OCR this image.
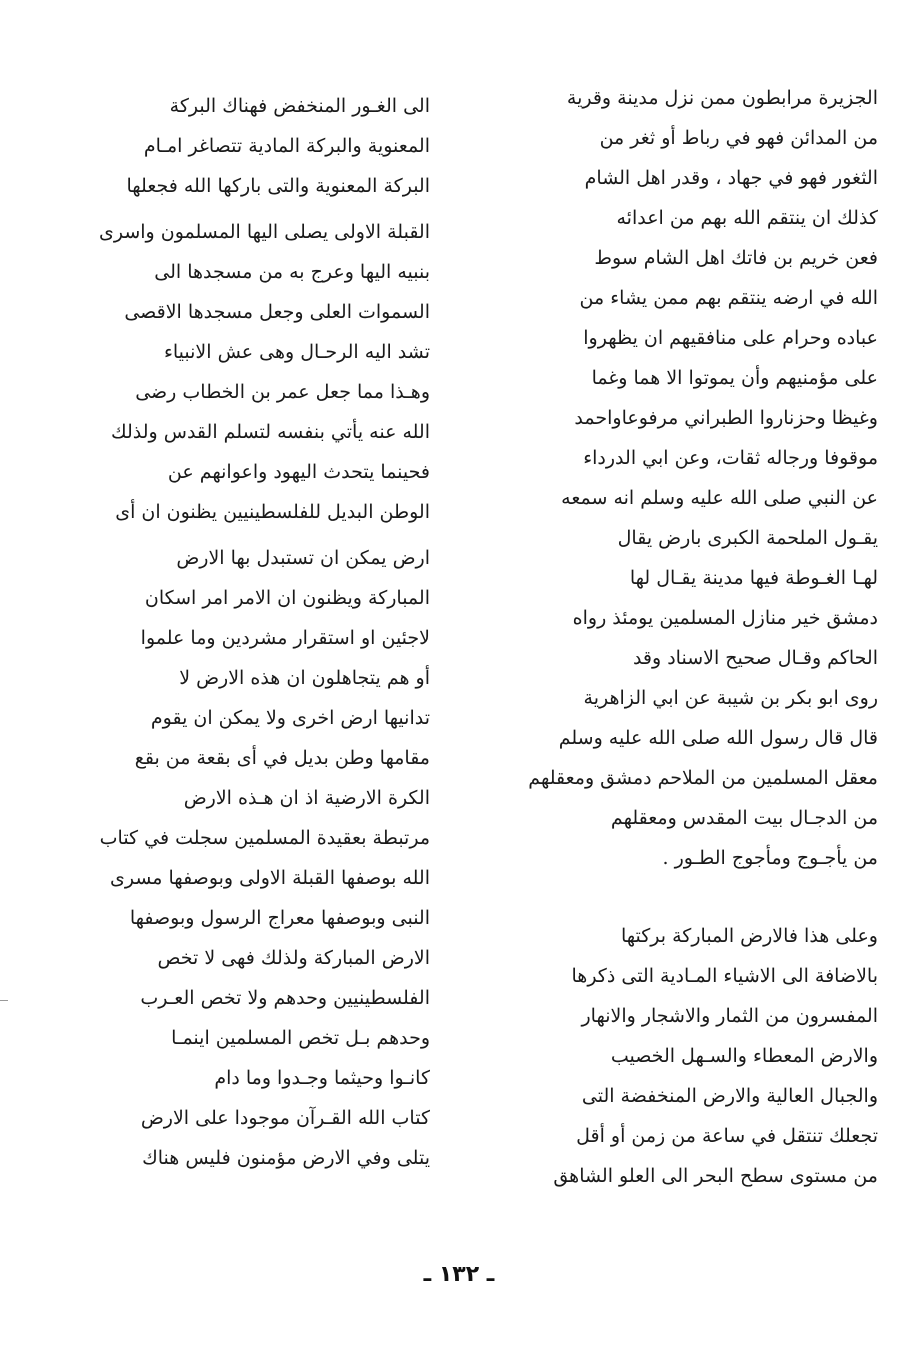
الجزيرة مرابطون ممن نزل مدينة وقرية
من المدائن فهو في رباط أو ثغر من
الثغور فهو في جهاد ، وقدر اهل الشام
كذلك ان ينتقم الله بهم من اعدائه
فعن خريم بن فاتك اهل الشام سوط
الله في ارضه ينتقم بهم ممن يشاء من
عباده وحرام على منافقيهم ان يظهروا
على مؤمنيهم وأن يموتوا الا هما وغما
وغيظا وحزناروا الطبراني مرفوعاواحمد
موقوفا ورجاله ثقات، وعن ابي الدرداء
عن النبي صلى الله عليه وسلم انه سمعه
يقـول الملحمة الكبرى بارض يقال
لهـا الغـوطة فيها مدينة يقـال لها
دمشق خير منازل المسلمين يومئذ رواه
الحاكم وقـال صحيح الاسناد وقد
روى ابو بكر بن شيبة عن ابي الزاهرية
قال قال رسول الله صلى الله عليه وسلم
معقل المسلمين من الملاحم دمشق ومعقلهم
من الدجـال بيت المقدس ومعقلهم
من يأجـوج ومأجوج الطـور .
وعلى هذا فالارض المباركة بركتها
بالاضافة الى الاشياء المـادية التى ذكرها
المفسرون من الثمار والاشجار والانهار
والارض المعطاء والسـهل الخصيب
والجبال العالية والارض المنخفضة التى
تجعلك تنتقل في ساعة من زمن أو أقل
من مستوى سطح البحر الى العلو الشاهق
الى الغـور المنخفض فهناك البركة
المعنوية والبركة المادية تتصاغر امـام
البركة المعنوية والتى باركها الله فجعلها
القبلة الاولى يصلى اليها المسلمون واسرى
بنبيه اليها وعرج به من مسجدها الى
السموات العلى وجعل مسجدها الاقصى
تشد اليه الرحـال وهى عش الانبياء
وهـذا مما جعل عمر بن الخطاب رضى
الله عنه يأتي بنفسه لتسلم القدس ولذلك
فحينما يتحدث اليهود واعوانهم عن
الوطن البديل للفلسطينيين يظنون ان أى
ارض يمكن ان تستبدل بها الارض
المباركة ويظنون ان الامر امر اسكان
لاجئين او استقرار مشردين وما علموا
أو هم يتجاهلون ان هذه الارض لا
تدانيها ارض اخرى ولا يمكن ان يقوم
مقامها وطن بديل في أى بقعة من بقع
الكرة الارضية اذ ان هـذه الارض
مرتبطة بعقيدة المسلمين سجلت في كتاب
الله بوصفها القبلة الاولى وبوصفها مسرى
النبى وبوصفها معراج الرسول وبوصفها
الارض المباركة ولذلك فهى لا تخص
الفلسطينيين وحدهم ولا تخص العـرب
وحدهم بـل تخص المسلمين اينمـا
كانـوا وحيثما وجـدوا وما دام
كتاب الله القـرآن موجودا على الارض
يتلى وفي الارض مؤمنون فليس هناك
ـ ١٣٢ ـ
